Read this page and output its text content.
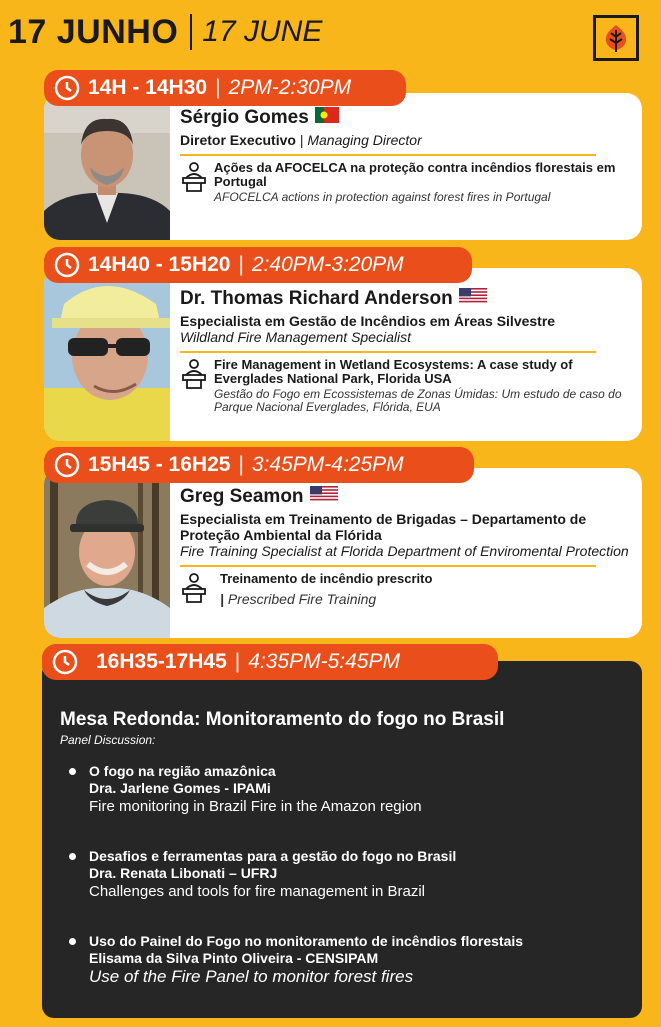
17 JUNHO 17 JUNE
Sérgio Gomes
Diretor Executivo | Managing Director
Ações da AFOCELCA na proteção contra incêndios florestais em Portugal
AFOCELCA actions in protection against forest fires in Portugal
14H - 14H30 | 2PM-2:30PM
Dr. Thomas Richard Anderson
Especialista em Gestão de Incêndios em Áreas Silvestre
Wildland Fire Management Specialist
Fire Management in Wetland Ecosystems: A case study of Everglades National Park, Florida USA
Gestão do Fogo em Ecossistemas de Zonas Úmidas: Um estudo de caso do Parque Nacional Everglades, Flórida, EUA
14H40 - 15H20 | 2:40PM-3:20PM
Greg Seamon
Especialista em Treinamento de Brigadas – Departamento de Proteção Ambiental da Flórida
Fire Training Specialist at Florida Department of Enviromental Protection
Treinamento de incêndio prescrito
| Prescribed Fire Training
15H45 - 16H25 | 3:45PM-4:25PM
Mesa Redonda: Monitoramento do fogo no Brasil
Panel Discussion:
O fogo na região amazônica
Dra. Jarlene Gomes - IPAMi
Fire monitoring in Brazil Fire in the Amazon region
Desafios e ferramentas para a gestão do fogo no Brasil
Dra. Renata Libonati – UFRJ
Challenges and tools for fire management in Brazil
Uso do Painel do Fogo no monitoramento de incêndios florestais
Elisama da Silva Pinto Oliveira - CENSIPAM
Use of the Fire Panel to monitor forest fires
16H35-17H45 | 4:35PM-5:45PM
